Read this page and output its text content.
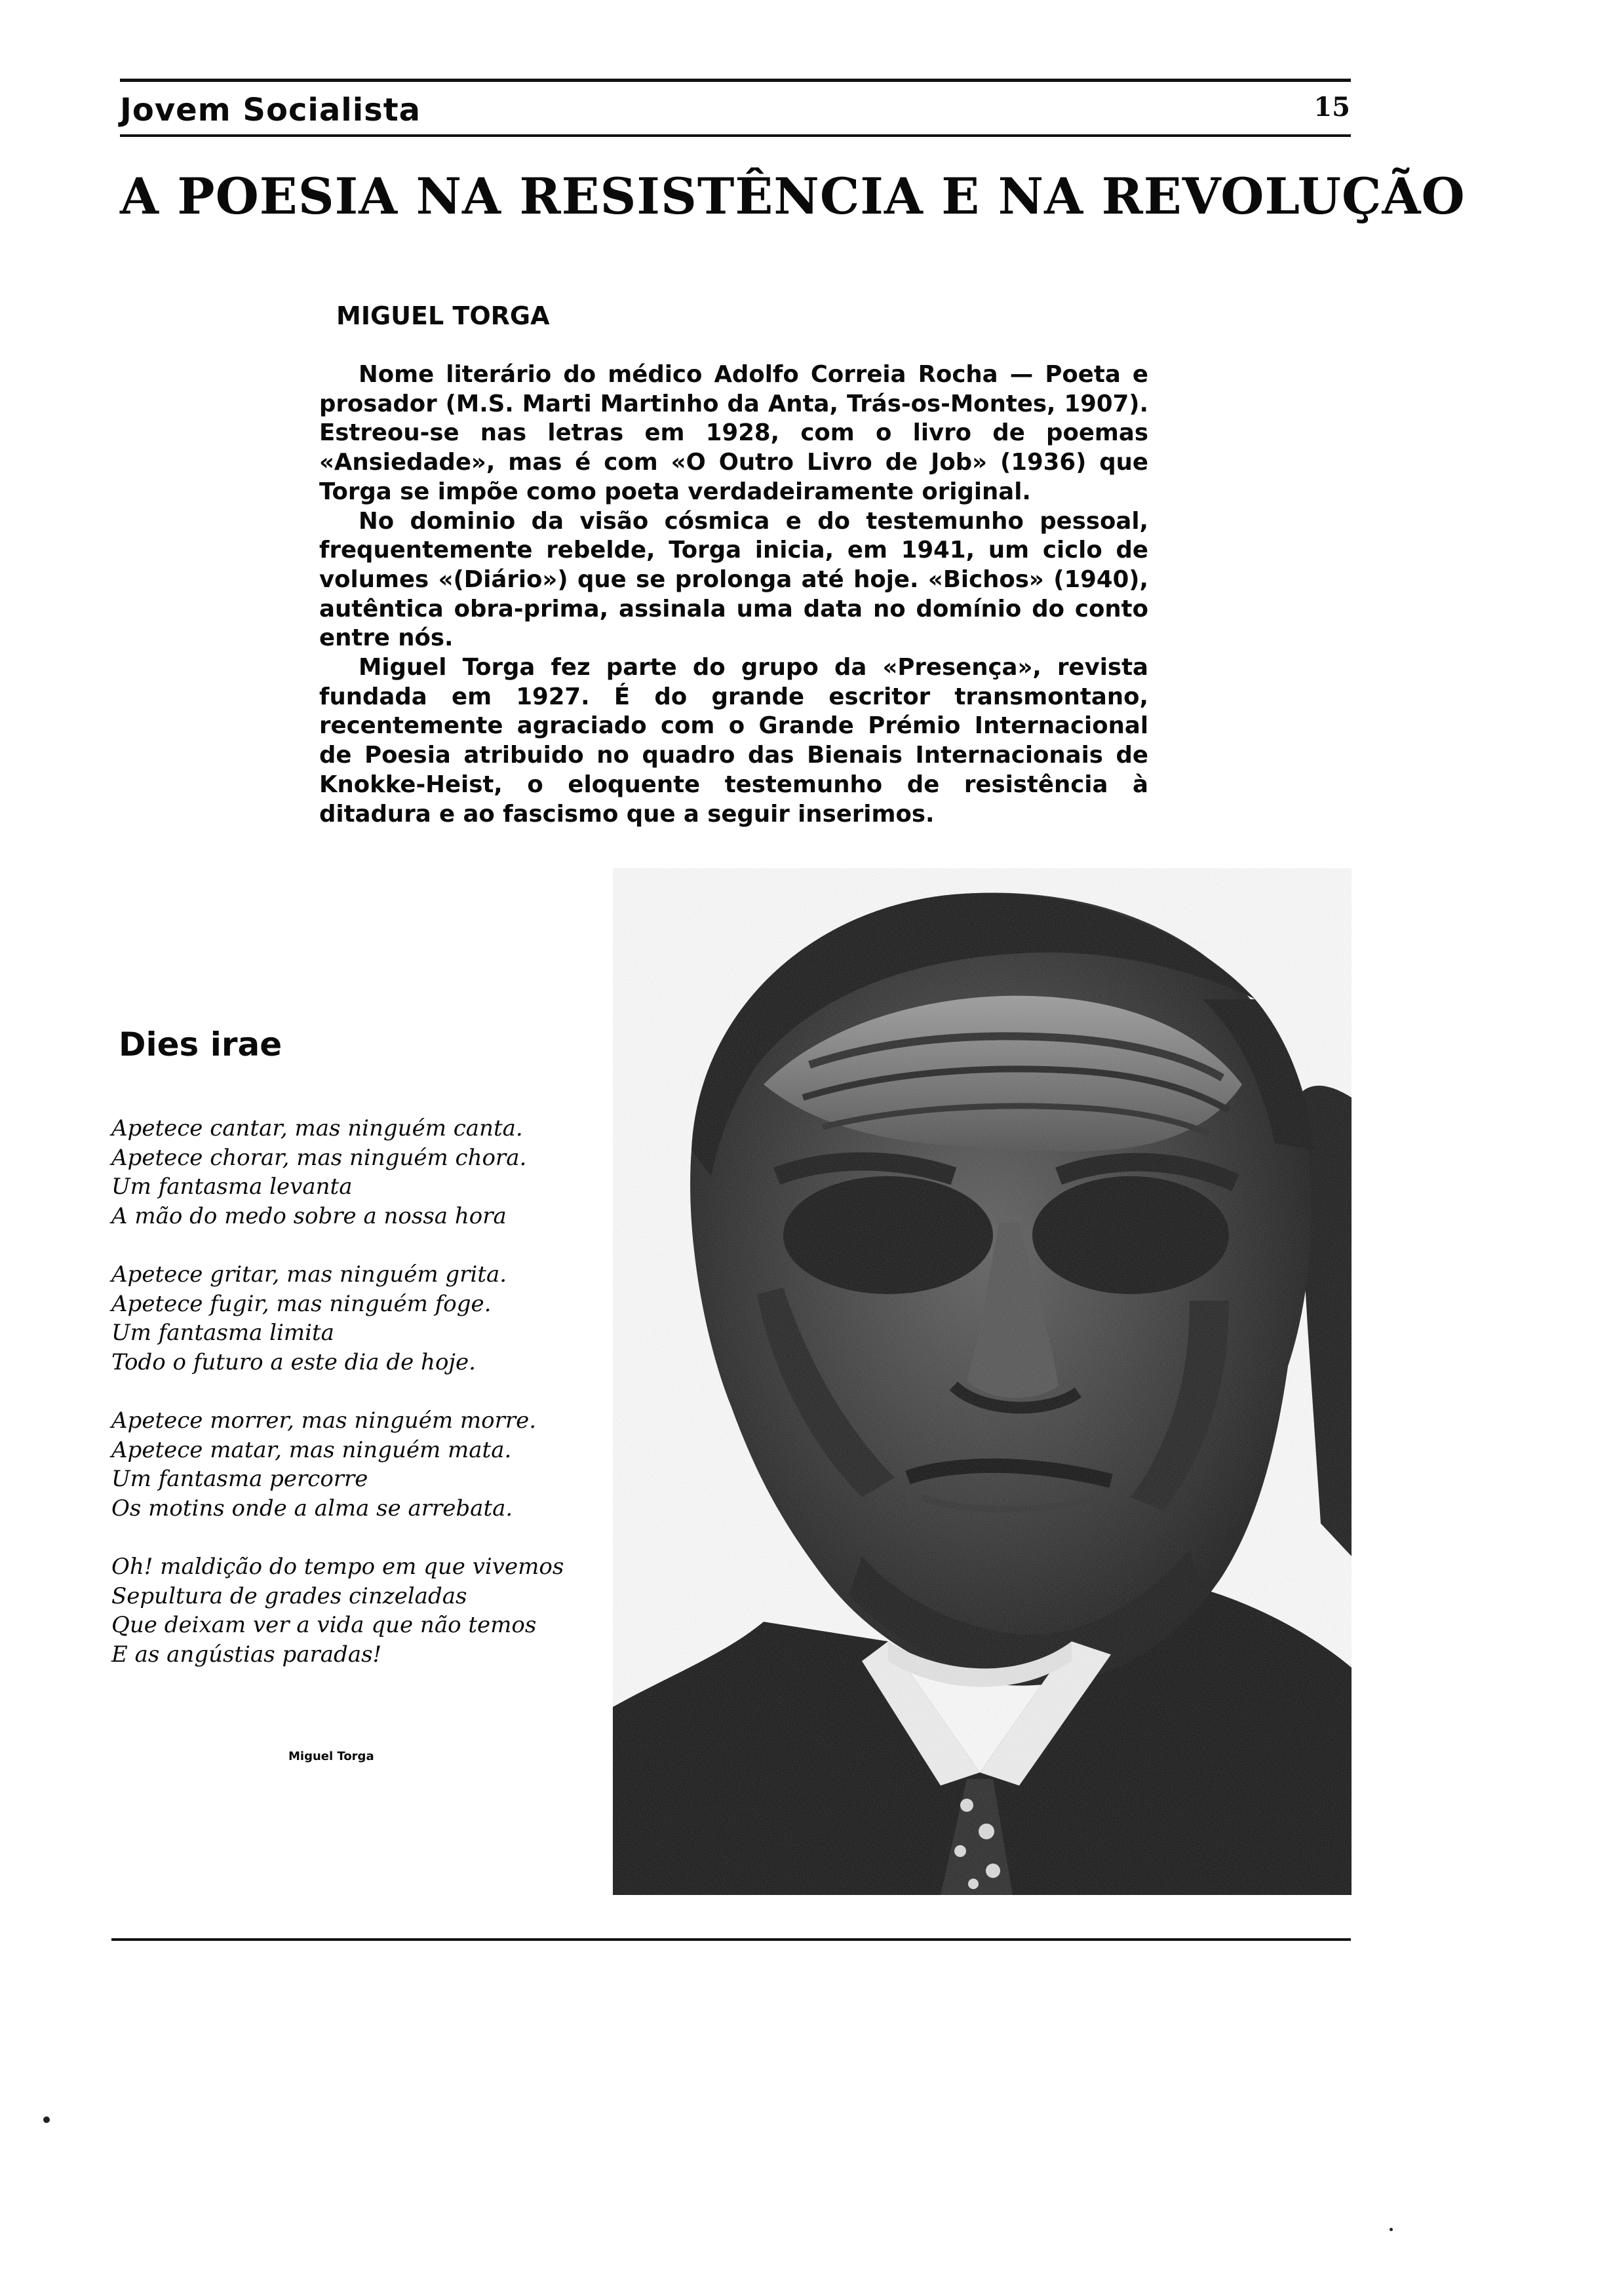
Jovem Socialista	15
A POESIA NA RESISTÊNCIA E NA REVOLUÇÃO
MIGUEL TORGA

Nome literário do médico Adolfo Correia Rocha — Poeta e prosador (M.S. Marti Martinho da Anta, Trás-os-Montes, 1907). Estreou-se nas letras em 1928, com o livro de poemas «Ansiedade», mas é com «O Outro Livro de Job» (1936) que Torga se impõe como poeta verdadeiramente original.

No dominio da visão cósmica e do testemunho pessoal, frequentemente rebelde, Torga inicia, em 1941, um ciclo de volumes «(Diário») que se prolonga até hoje. «Bichos» (1940), autêntica obra-prima, assinala uma data no domínio do conto entre nós.

Miguel Torga fez parte do grupo da «Presença», revista fundada em 1927. É do grande escritor transmontano, recentemente agraciado com o Grande Prémio Internacional de Poesia atribuido no quadro das Bienais Internacionais de Knokke-Heist, o eloquente testemunho de resistência à ditadura e ao fascismo que a seguir inserimos.

Dies irae
Apetece cantar, mas ninguém canta.
Apetece chorar, mas ninguém chora.
Um fantasma levanta
A mão do medo sobre a nossa hora
Apetece gritar, mas ninguém grita.
Apetece fugir, mas ninguém foge.
Um fantasma limita
Todo o futuro a este dia de hoje.
Apetece morrer, mas ninguém morre.
Apetece matar, mas ninguém mata.
Um fantasma percorre
Os motins onde a alma se arrebata.
Oh! maldição do tempo em que vivemos
Sepultura de grades cinzeladas
Que deixam ver a vida que não temos
E as angústias paradas!
Miguel Torga
